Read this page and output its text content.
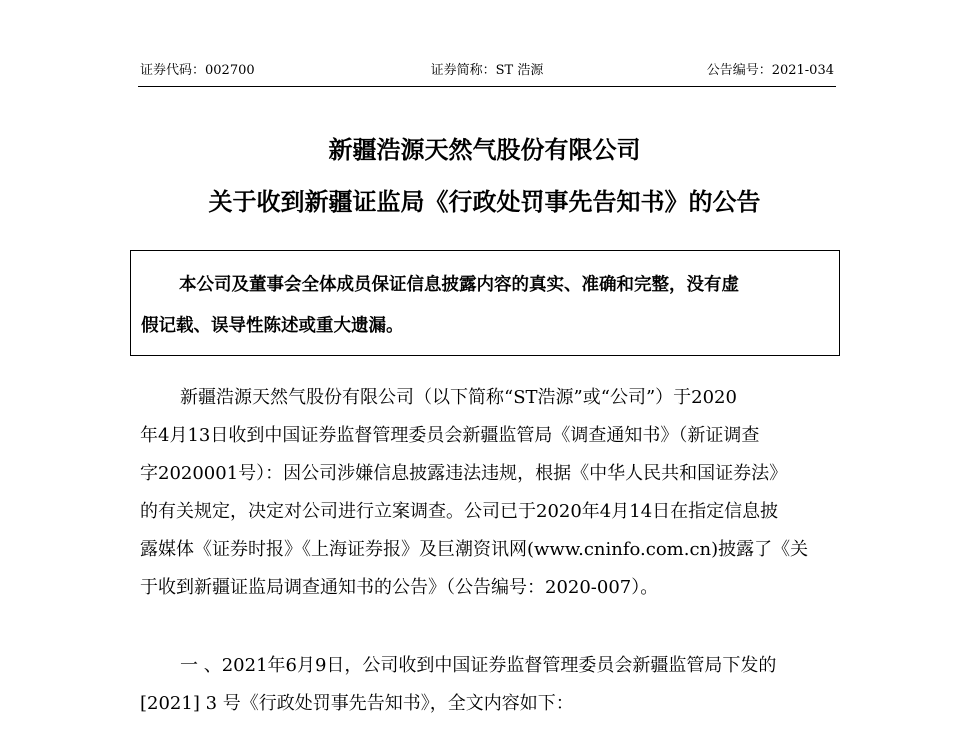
证券代码：002700	证券简称：ST 浩源	公告编号：2021-034
新疆浩源天然气股份有限公司
关于收到新疆证监局《行政处罚事先告知书》的公告
本公司及董事会全体成员保证信息披露内容的真实、准确和完整，没有虚
假记载、误导性陈述或重大遗漏。
新疆浩源天然气股份有限公司（以下简称“ST浩源”或“公司”）于2020
年4月13日收到中国证券监督管理委员会新疆监管局《调查通知书》（新证调查
字2020001号）：因公司涉嫌信息披露违法违规，根据《中华人民共和国证券法》
的有关规定，决定对公司进行立案调查。公司已于2020年4月14日在指定信息披
露媒体《证券时报》《上海证券报》及巨潮资讯网(www.cninfo.com.cn)披露了《关
于收到新疆证监局调查通知书的公告》（公告编号：2020-007）。
一 、2021年6月9日，公司收到中国证券监督管理委员会新疆监管局下发的
[2021] 3 号《行政处罚事先告知书》，全文内容如下：
